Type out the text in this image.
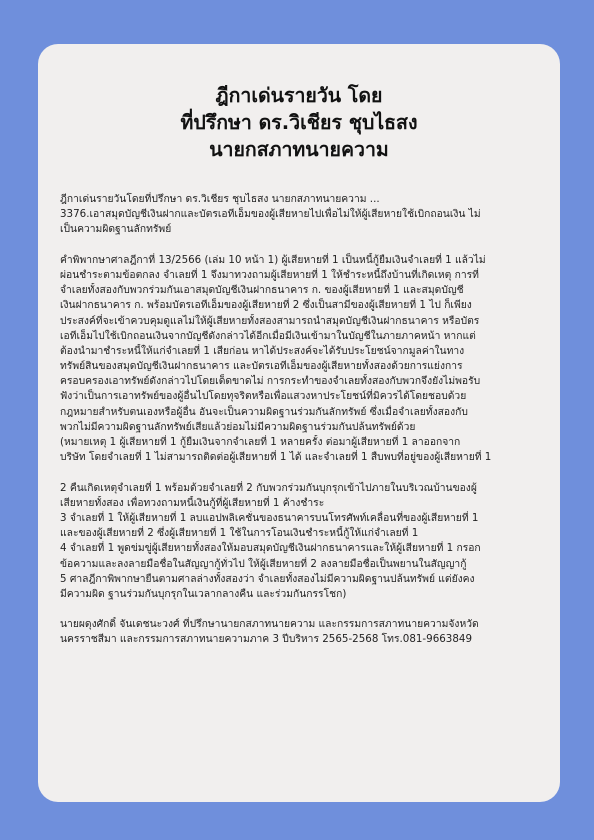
ฎีกาเด่นรายวัน โดย
ที่ปรึกษา ดร.วิเชียร ชุบไธสง
นายกสภาทนายความ
ฎีกาเด่นรายวันโดยที่ปรึกษา ดร.วิเชียร ชุบไธสง นายกสภาทนายความ ...
3376.เอาสมุดบัญชีเงินฝากและบัตรเอทีเอ็มของผู้เสียหายไปเพื่อไม่ให้ผู้เสียหายใช้เบิกถอนเงิน ไม่
เป็นความผิดฐานลักทรัพย์
คำพิพากษาศาลฎีกาที่ 13/2566 (เล่ม 10 หน้า 1) ผู้เสียหายที่ 1 เป็นหนี้กู้ยืมเงินจำเลยที่ 1 แล้วไม่
ผ่อนชำระตามข้อตกลง จำเลยที่ 1 จึงมาทวงถามผู้เสียหายที่ 1 ให้ชำระหนี้ถึงบ้านที่เกิดเหตุ การที่
จำเลยทั้งสองกับพวกร่วมกันเอาสมุดบัญชีเงินฝากธนาคาร ก. ของผู้เสียหายที่ 1 และสมุดบัญชี
เงินฝากธนาคาร ก. พร้อมบัตรเอทีเอ็มของผู้เสียหายที่ 2 ซึ่งเป็นสามีของผู้เสียหายที่ 1 ไป ก็เพียง
ประสงค์ที่จะเข้าควบคุมดูแลไม่ให้ผู้เสียหายทั้งสองสามารถนำสมุดบัญชีเงินฝากธนาคาร หรือบัตร
เอทีเอ็มไปใช้เบิกถอนเงินจากบัญชีดังกล่าวได้อีกเมื่อมีเงินเข้ามาในบัญชีในภายภาคหน้า หากแต่
ต้องนำมาชำระหนี้ให้แก่จำเลยที่ 1 เสียก่อน หาได้ประสงค์จะได้รับประโยชน์จากมูลค่าในทาง
ทรัพย์สินของสมุดบัญชีเงินฝากธนาคาร และบัตรเอทีเอ็มของผู้เสียหายทั้งสองด้วยการแย่งการ
ครอบครองเอาทรัพย์ดังกล่าวไปโดยเด็ดขาดไม่ การกระทำของจำเลยทั้งสองกับพวกจึงยังไม่พอรับ
ฟังว่าเป็นการเอาทรัพย์ของผู้อื่นไปโดยทุจริตหรือเพื่อแสวงหาประโยชน์ที่มิควรได้โดยชอบด้วย
กฎหมายสำหรับตนเองหรือผู้อื่น อันจะเป็นความผิดฐานร่วมกันลักทรัพย์ ซึ่งเมื่อจำเลยทั้งสองกับ
พวกไม่มีความผิดฐานลักทรัพย์เสียแล้วย่อมไม่มีความผิดฐานร่วมกันปล้นทรัพย์ด้วย
(หมายเหตุ 1 ผู้เสียหายที่ 1 กู้ยืมเงินจากจำเลยที่ 1 หลายครั้ง ต่อมาผู้เสียหายที่ 1 ลาออกจาก
บริษัท โดยจำเลยที่ 1 ไม่สามารถติดต่อผู้เสียหายที่ 1 ได้ และจำเลยที่ 1 สืบพบที่อยู่ของผู้เสียหายที่ 1
2 คืนเกิดเหตุจำเลยที่ 1 พร้อมด้วยจำเลยที่ 2 กับพวกร่วมกันบุกรุกเข้าไปภายในบริเวณบ้านของผู้
เสียหายทั้งสอง เพื่อทวงถามหนี้เงินกู้ที่ผู้เสียหายที่ 1 ค้างชำระ
3 จำเลยที่ 1 ให้ผู้เสียหายที่ 1 ลบแอปพลิเคชั่นของธนาคารบนโทรศัพท์เคลื่อนที่ของผู้เสียหายที่ 1
และของผู้เสียหายที่ 2 ซึ่งผู้เสียหายที่ 1 ใช้ในการโอนเงินชำระหนี้กู้ให้แก่จำเลยที่ 1
4 จำเลยที่ 1 พูดข่มขู่ผู้เสียหายทั้งสองให้มอบสมุดบัญชีเงินฝากธนาคารและให้ผู้เสียหายที่ 1 กรอก
ข้อความและลงลายมือชื่อในสัญญากู้ทั่วไป ให้ผู้เสียหายที่ 2 ลงลายมือชื่อเป็นพยานในสัญญากู้
5 ศาลฎีกาพิพากษายืนตามศาลล่างทั้งสองว่า จำเลยทั้งสองไม่มีความผิดฐานปล้นทรัพย์ แต่ยังคง
มีความผิด ฐานร่วมกันบุกรุกในเวลากลางคืน และร่วมกันกรรโชก)
นายผดุงศักดิ์ จันเดชนะวงศ์ ที่ปรึกษานายกสภาทนายความ และกรรมการสภาทนายความจังหวัด
นครราชสีมา และกรรมการสภาทนายความภาค 3 ปีบริหาร 2565-2568 โทร.081-9663849
